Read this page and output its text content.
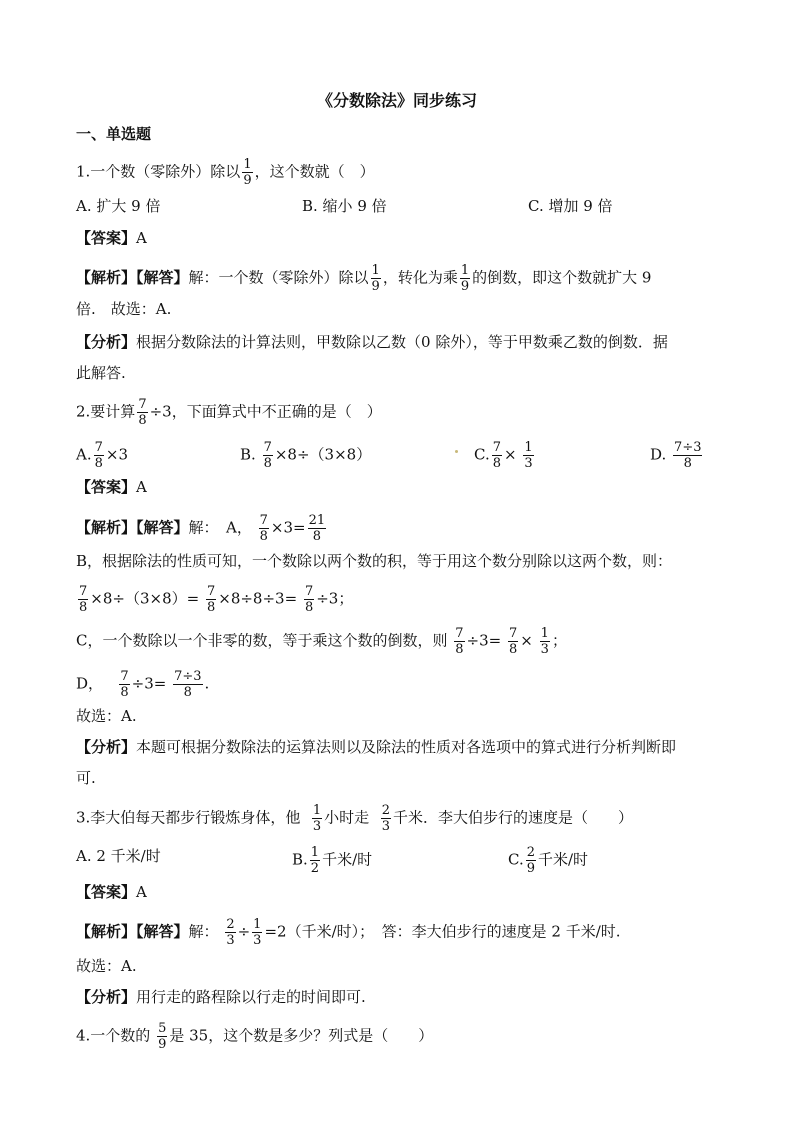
《分数除法》同步练习
一、单选题
1.一个数（零除外）除以 $\frac{1}{9}$ ，这个数就（　）
A. 扩大 9 倍	B. 缩小 9 倍	C. 增加 9 倍
【答案】A
【解析】【解答】解：一个数（零除外）除以 $\frac{1}{9}$ ，转化为乘 $\frac{1}{9}$ 的倒数，即这个数就扩大 9
倍.　故选：A.
【分析】根据分数除法的计算法则，甲数除以乙数（0 除外），等于甲数乘乙数的倒数．据
此解答.
2.要计算 $\frac{7}{8} \div 3$，下面算式中不正确的是（　）
A. $\frac{7}{8} \times 3$	B. $\frac{7}{8} \times 8\div(3\times 8)$	C. $\frac{7}{8} \times \frac{1}{3}$	D. $\frac{7\div 3}{8}$
【答案】A
【解析】【解答】解：　A， $\frac{7}{8} \times 3= \frac{21}{8}$
B，根据除法的性质可知，一个数除以两个数的积，等于用这个数分别除以这两个数，则：
$\frac{7}{8} \times 8\div(3\times 8)= \frac{7}{8} \times 8\div 8\div 3= \frac{7}{8} \div 3$；
C，一个数除以一个非零的数，等于乘这个数的倒数，则 $\frac{7}{8} \div 3= \frac{7}{8} \times \frac{1}{3}$ ；
D， $\frac{7}{8} \div 3= \frac{7\div 3}{8}$ .
故选：A.
【分析】本题可根据分数除法的运算法则以及除法的性质对各选项中的算式进行分析判断即
可.
3.李大伯每天都步行锻炼身体，他 $\frac{1}{3}$ 小时走 $\frac{2}{3}$ 千米．李大伯步行的速度是（　　）
A. 2 千米/时	B. $\frac{1}{2}$ 千米/时	C. $\frac{2}{9}$ 千米/时
【答案】A
【解析】【解答】解： $\frac{2}{3} \div \frac{1}{3} =2$（千米/时）；　答：李大伯步行的速度是 2 千米/时.
故选：A.
【分析】用行走的路程除以行走的时间即可.
4.一个数的 $\frac{5}{9}$ 是 35，这个数是多少？列式是（　　）
